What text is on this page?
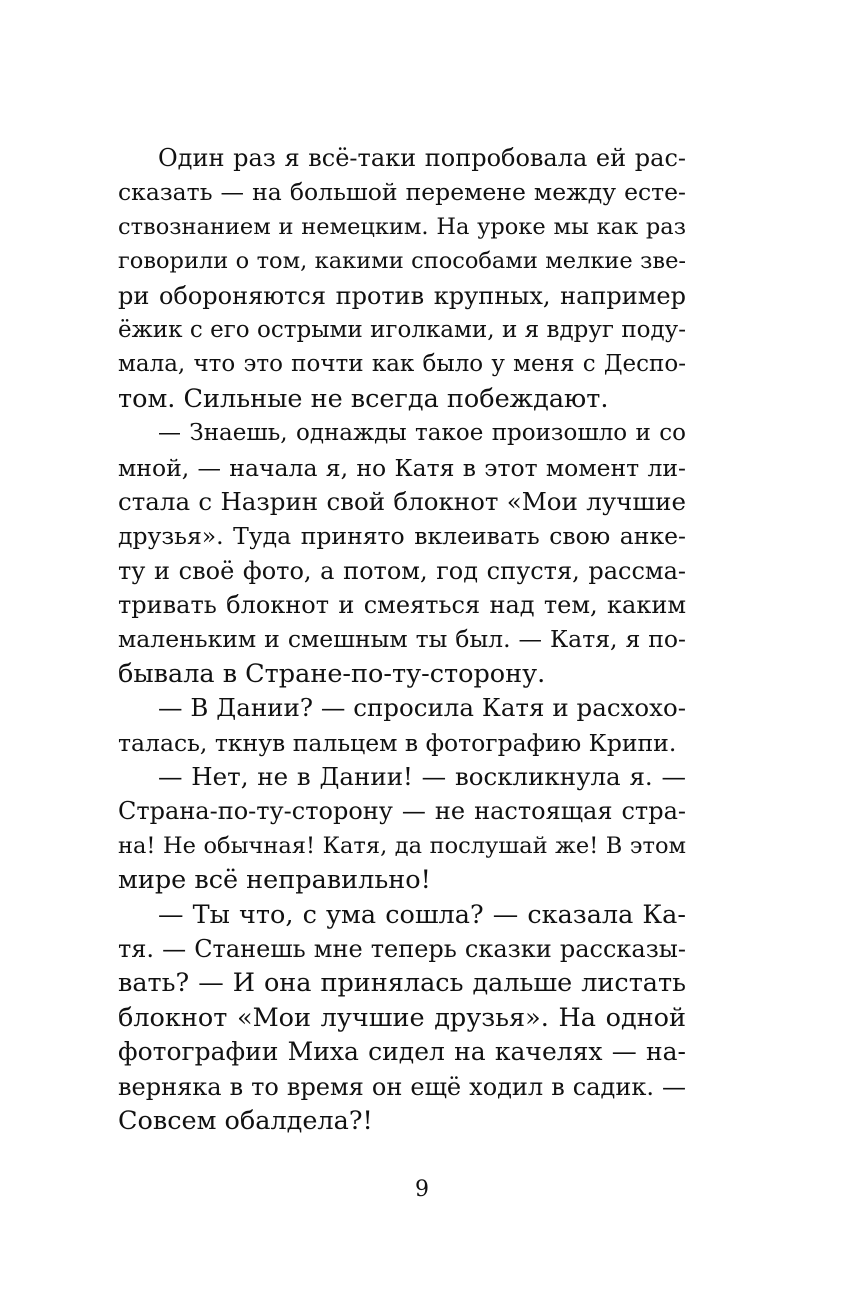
Один раз я всё-таки попробовала ей рас-
сказать — на большой перемене между есте-
ствознанием и немецким. На уроке мы как раз
говорили о том, какими способами мелкие зве-
ри обороняются против крупных, например
ёжик с его острыми иголками, и я вдруг поду-
мала, что это почти как было у меня с Деспо-
том. Сильные не всегда побеждают.
— Знаешь, однажды такое произошло и со
мной, — начала я, но Катя в этот момент ли-
стала с Назрин свой блокнот «Мои лучшие
друзья». Туда принято вклеивать свою анке-
ту и своё фото, а потом, год спустя, рассма-
тривать блокнот и смеяться над тем, каким
маленьким и смешным ты был. — Катя, я по-
бывала в Стране-по-ту-сторону.
— В Дании? — спросила Катя и расхохо-
талась, ткнув пальцем в фотографию Крипи.
— Нет, не в Дании! — воскликнула я. —
Страна-по-ту-сторону — не настоящая стра-
на! Не обычная! Катя, да послушай же! В этом
мире всё неправильно!
— Ты что, с ума сошла? — сказала Ка-
тя. — Станешь мне теперь сказки рассказы-
вать? — И она принялась дальше листать
блокнот «Мои лучшие друзья». На одной
фотографии Миха сидел на качелях — на-
верняка в то время он ещё ходил в садик. —
Совсем обалдела?!
9
